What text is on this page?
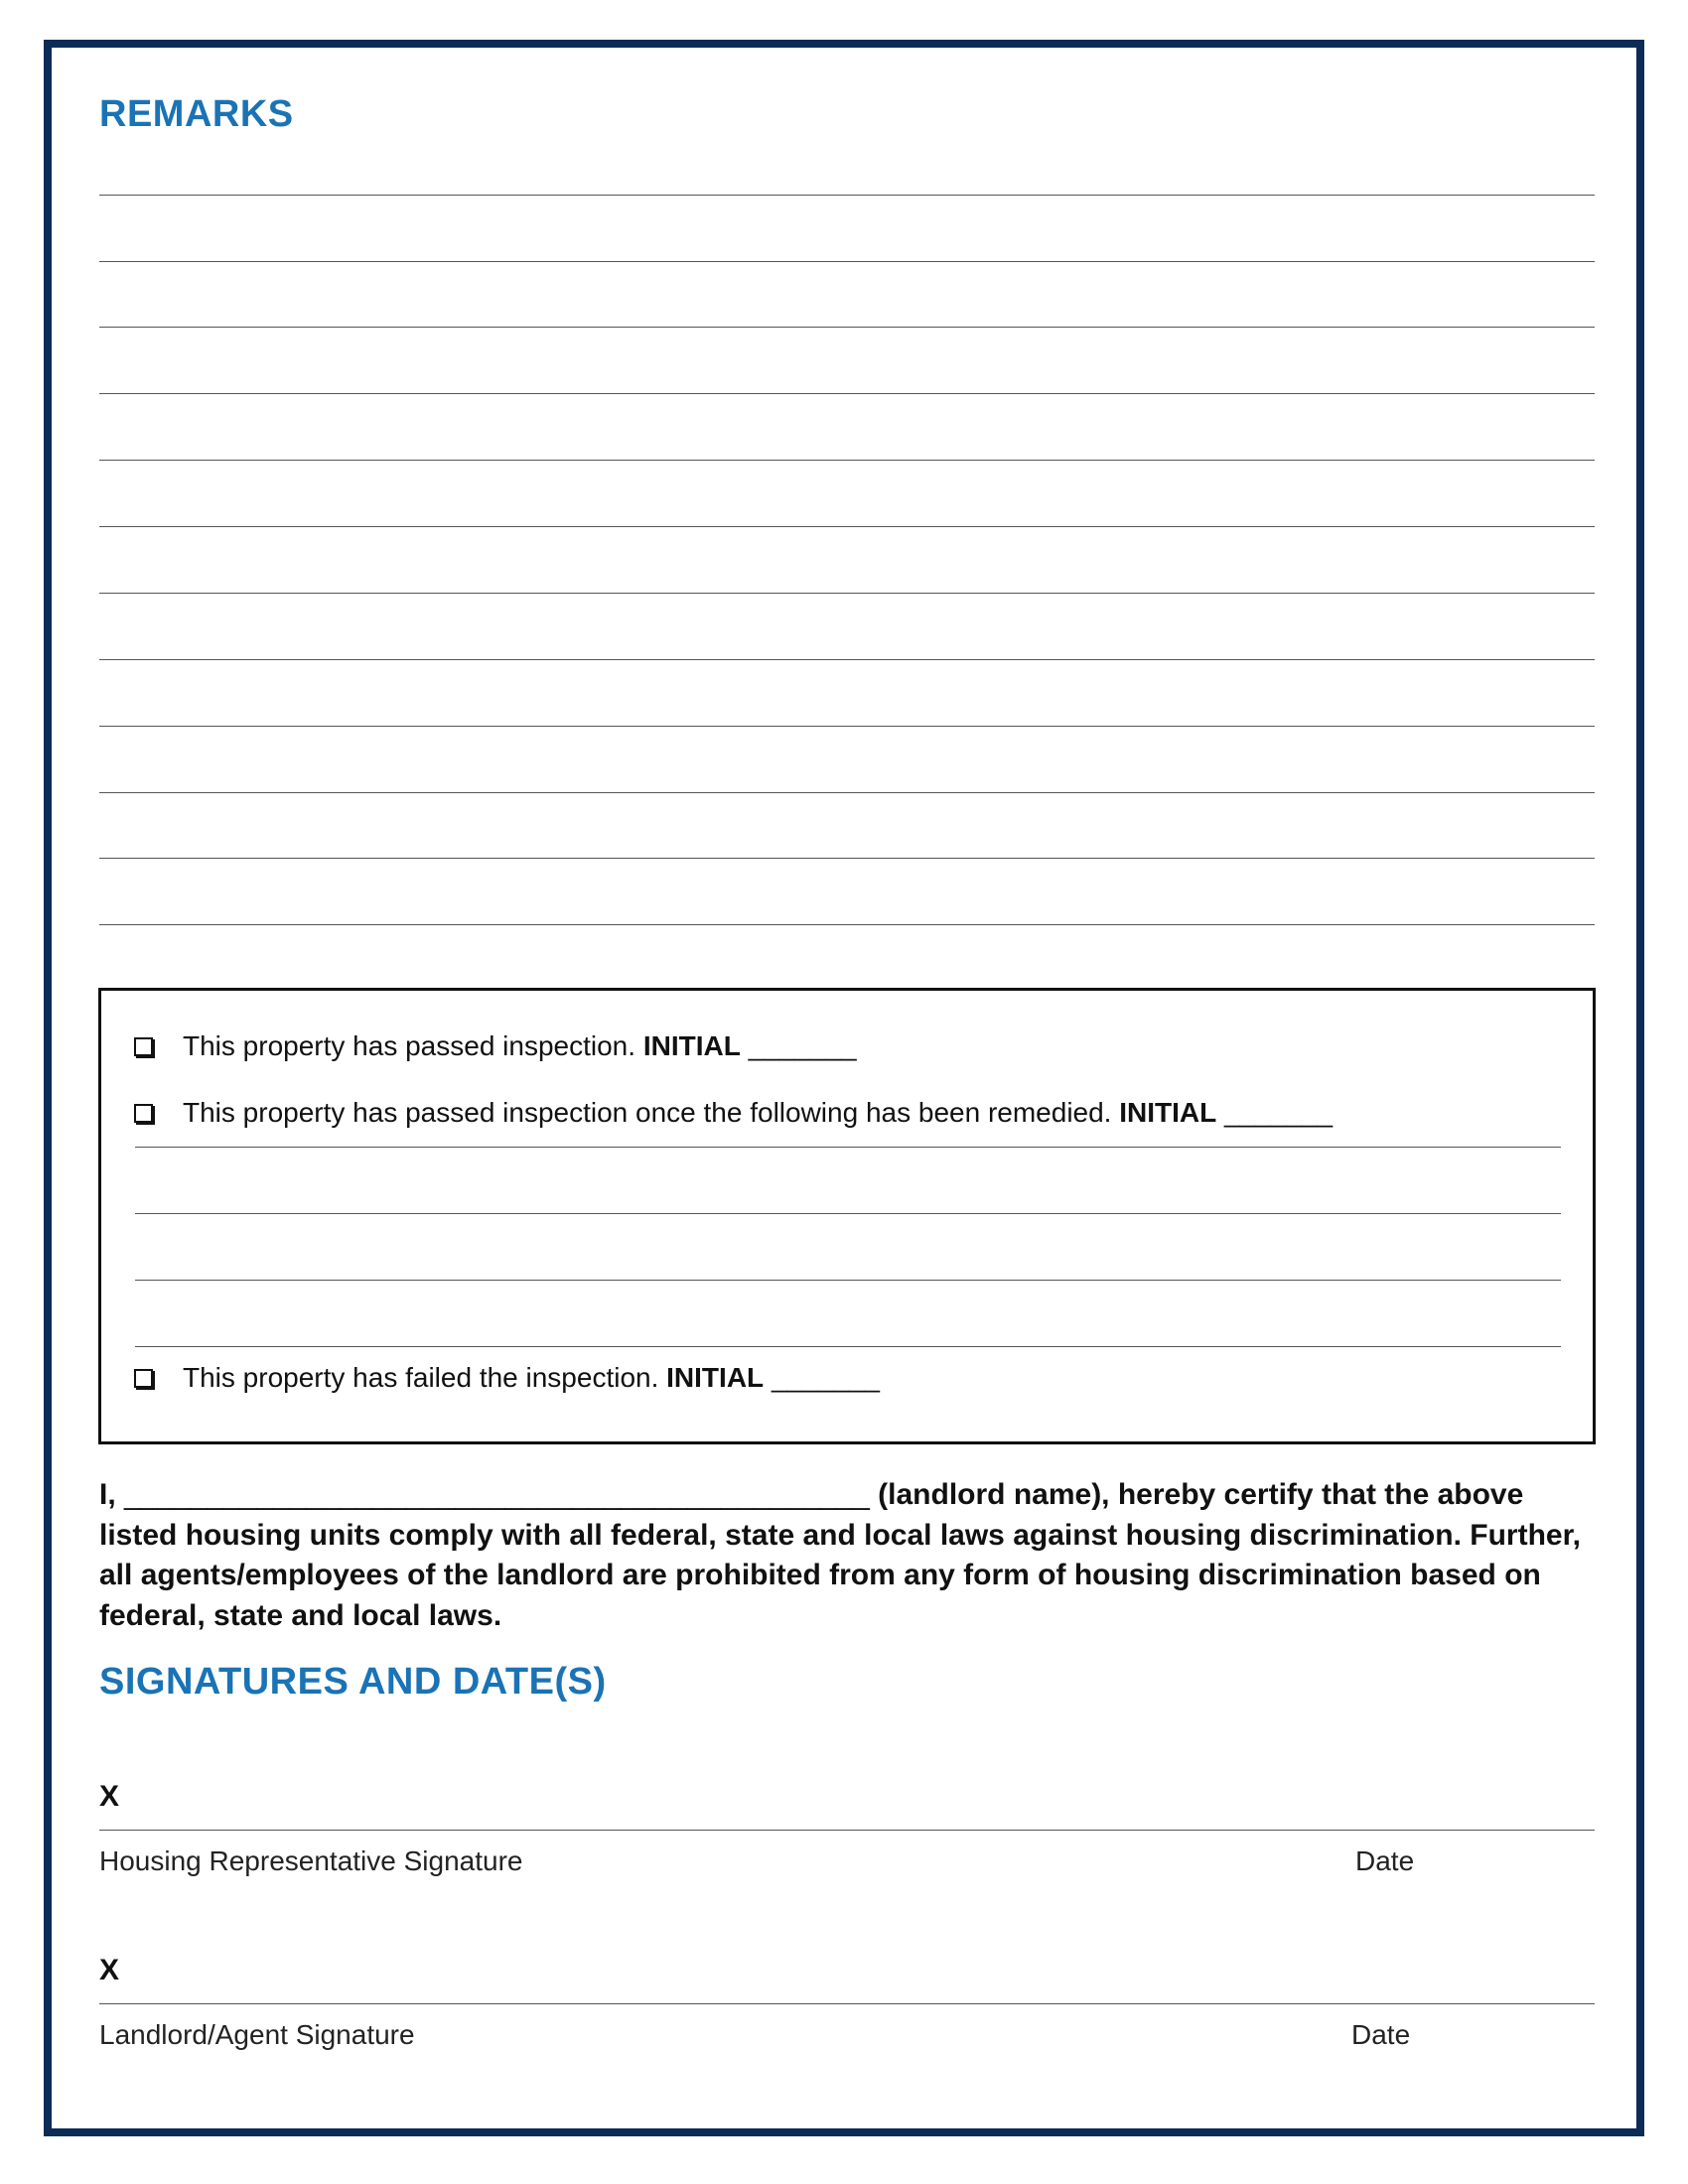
REMARKS
This property has passed inspection. INITIAL _______
This property has passed inspection once the following has been remedied. INITIAL _______
This property has failed the inspection. INITIAL _______

I, _____________________________________________ (landlord name), hereby certify that the above listed housing units comply with all federal, state and local laws against housing discrimination. Further, all agents/employees of the landlord are prohibited from any form of housing discrimination based on federal, state and local laws.

SIGNATURES AND DATE(S)
X
Housing Representative Signature	Date
X
Landlord/Agent Signature	Date
